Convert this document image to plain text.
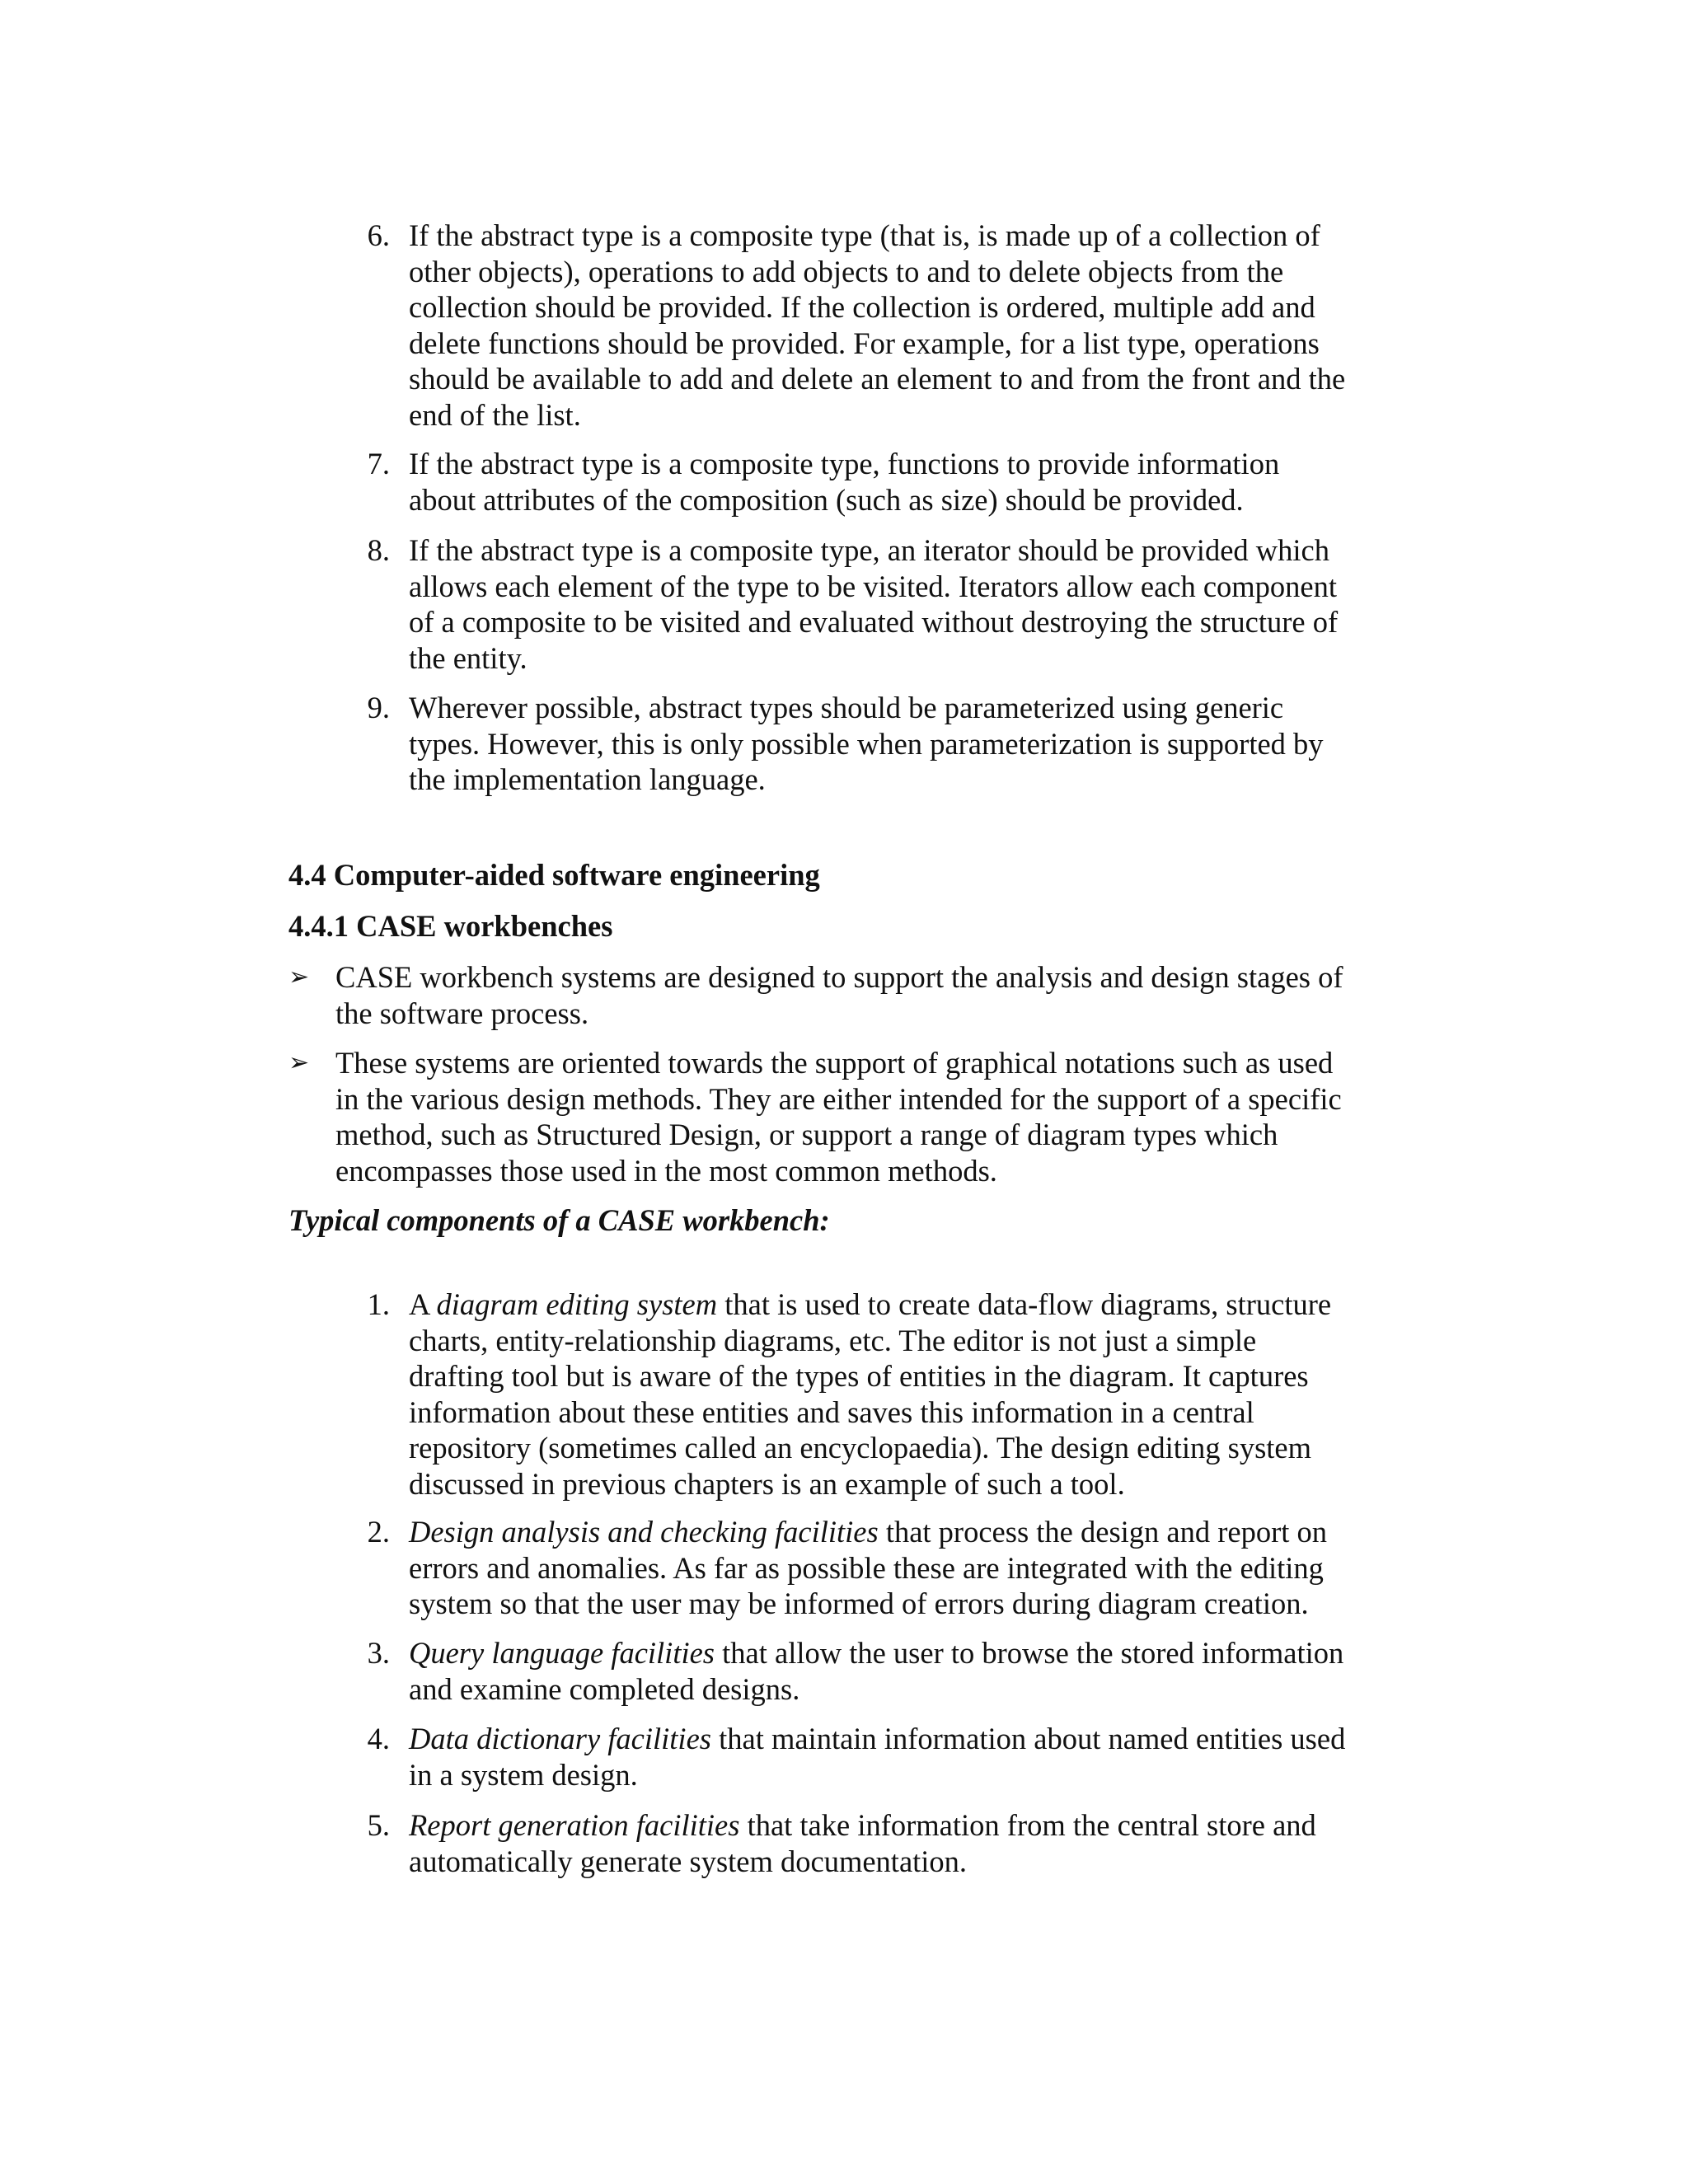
6. If the abstract type is a composite type (that is, is made up of a collection of
other objects), operations to add objects to and to delete objects from the
collection should be provided. If the collection is ordered, multiple add and
delete functions should be provided. For example, for a list type, operations
should be available to add and delete an element to and from the front and the
end of the list.
7. If the abstract type is a composite type, functions to provide information
about attributes of the composition (such as size) should be provided.
8. If the abstract type is a composite type, an iterator should be provided which
allows each element of the type to be visited. Iterators allow each component
of a composite to be visited and evaluated without destroying the structure of
the entity.
9. Wherever possible, abstract types should be parameterized using generic
types. However, this is only possible when parameterization is supported by
the implementation language.
4.4 Computer-aided software engineering
4.4.1 CASE workbenches
➢ CASE workbench systems are designed to support the analysis and design stages of
the software process.
➢ These systems are oriented towards the support of graphical notations such as used
in the various design methods. They are either intended for the support of a specific
method, such as Structured Design, or support a range of diagram types which
encompasses those used in the most common methods.
Typical components of a CASE workbench:
1. A diagram editing system that is used to create data-flow diagrams, structure
charts, entity-relationship diagrams, etc. The editor is not just a simple
drafting tool but is aware of the types of entities in the diagram. It captures
information about these entities and saves this information in a central
repository (sometimes called an encyclopaedia). The design editing system
discussed in previous chapters is an example of such a tool.
2. Design analysis and checking facilities that process the design and report on
errors and anomalies. As far as possible these are integrated with the editing
system so that the user may be informed of errors during diagram creation.
3. Query language facilities that allow the user to browse the stored information
and examine completed designs.
4. Data dictionary facilities that maintain information about named entities used
in a system design.
5. Report generation facilities that take information from the central store and
automatically generate system documentation.
